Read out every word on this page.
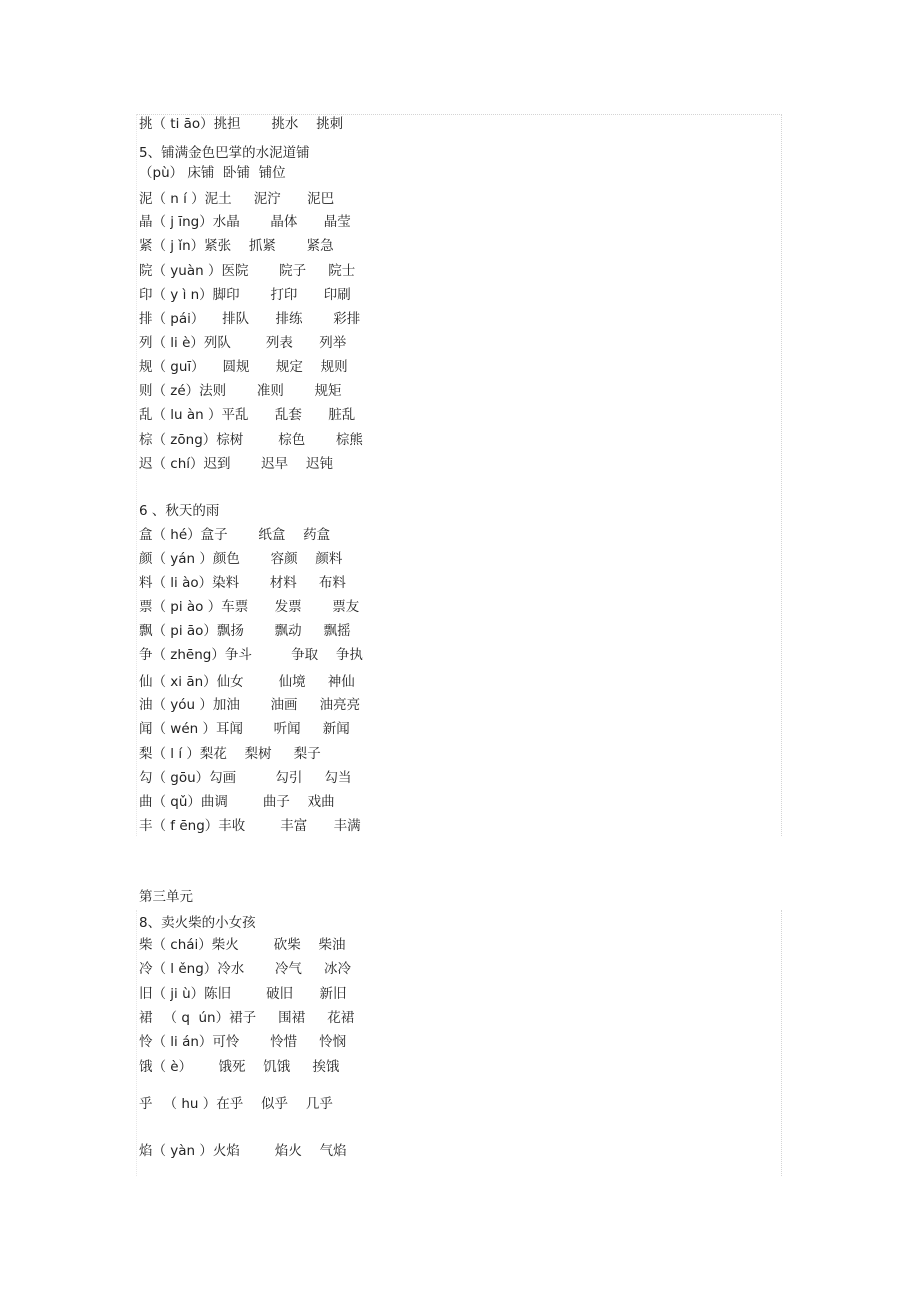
挑（ ti āo）挑担 　   挑水 　挑刺
5、铺满金色巴掌的水泥道铺
（pù） 床铺  卧铺  铺位
泥（ n í ）泥土 　 泥泞 　  泥巴
晶（ j īng）水晶 　   晶体 　  晶莹
紧（ j ǐn）紧张 　抓紧 　   紧急
院（ yuàn ）医院 　   院子 　 院士
印（ y ì n）脚印 　   打印 　  印刷
排（ pái） 　排队 　  排练 　   彩排
列（ li è）列队 　    列表 　  列举
规（ guī） 　圆规 　  规定 　规则
则（ zé）法则 　   准则 　   规矩
乱（ lu àn ）平乱 　  乱套 　  脏乱
棕（ zōng）棕树 　    棕色 　   棕熊
迟（ chí）迟到 　   迟早 　迟钝
6 、秋天的雨
盒（ hé）盒子 　   纸盒 　药盒
颜（ yán ）颜色 　   容颜 　颜料
料（ li ào）染料 　   材料 　 布料
票（ pi ào ）车票 　  发票 　   票友
飘（ pi āo）飘扬 　   飘动 　 飘摇
争（ zhēng）争斗 　     争取 　争执
仙（ xi ān）仙女 　    仙境 　 神仙
油（ yóu ）加油 　   油画 　 油亮亮
闻（ wén ）耳闻 　   听闻 　 新闻
梨（ l í ）梨花 　梨树 　 梨子
勾（ gōu）勾画 　     勾引 　 勾当
曲（ qǔ）曲调 　    曲子 　戏曲
丰（ f ēng）丰收 　    丰富 　  丰满
第三单元
8、卖火柴的小女孩
柴（ chái）柴火 　    砍柴 　柴油
冷（ l ěng）冷水 　   冷气 　 冰冷
旧（ ji ù）陈旧 　    破旧 　  新旧
裙 　（ q  ún）裙子 　 围裙 　 花裙
怜（ li án）可怜 　   怜惜 　 怜悯
饿（ è） 　  饿死 　饥饿 　 挨饿
乎 　（ hu ）在乎 　似乎 　几乎
焰（ yàn ）火焰 　    焰火 　气焰
